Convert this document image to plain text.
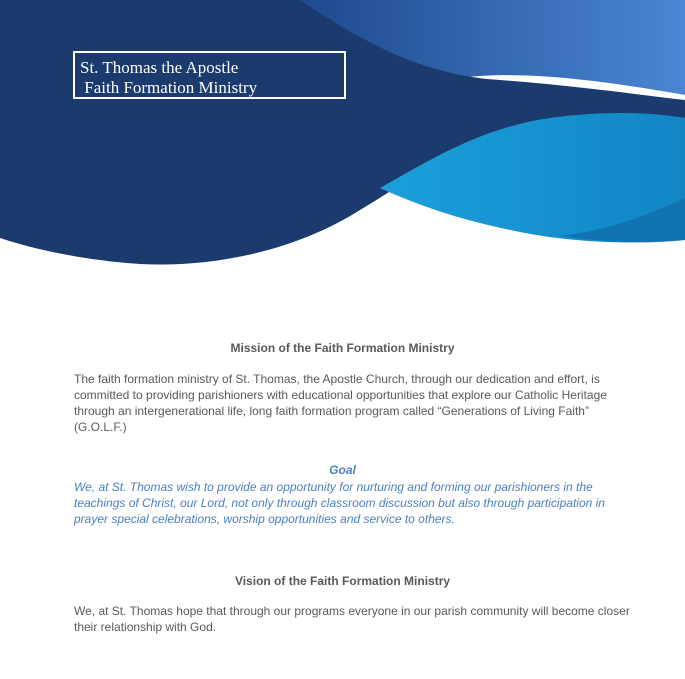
St. Thomas the Apostle
Faith Formation Ministry
Mission of the Faith Formation Ministry

The faith formation ministry of St. Thomas, the Apostle Church, through our dedication and effort, is committed to providing parishioners with educational opportunities that explore our Catholic Heritage through an intergenerational life, long faith formation program called “Generations of Living Faith” (G.O.L.F.)

Goal

We, at St. Thomas wish to provide an opportunity for nurturing and forming our parishioners in the teachings of Christ, our Lord, not only through classroom discussion but also through participation in prayer special celebrations, worship opportunities and service to others.

Vision of the Faith Formation Ministry

We, at St. Thomas hope that through our programs everyone in our parish community will become closer their relationship with God.
